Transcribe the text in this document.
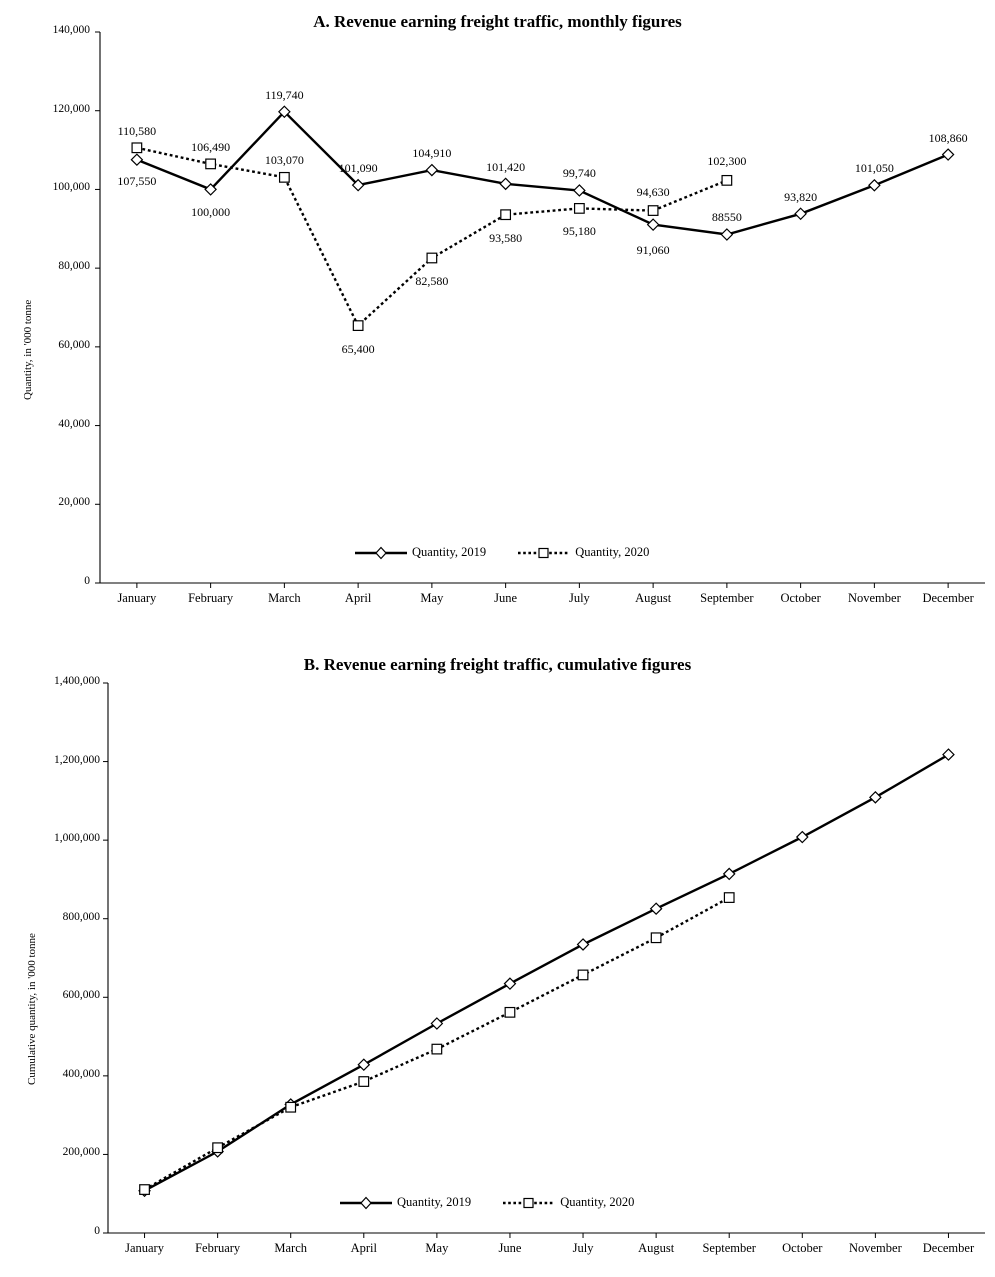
A. Revenue earning freight traffic, monthly figures
Quantity, in '000 tonne
0
20,000
40,000
60,000
80,000
100,000
120,000
140,000
January	February	March	April	May	June	July	August	September	October	November	December
107,550
100,000
119,740
101,090
104,910
101,420	99,740
91,060
88550
93,820
101,050
108,860
110,580
106,490
103,070
65,400
82,580
93,580	95,180
94,630
102,300
Quantity, 2019	Quantity, 2020
B. Revenue earning freight traffic, cumulative figures
Cumulative quantity, in '000 tonne
0
200,000
400,000
600,000
800,000
1,000,000
1,200,000
1,400,000
January	February	March	April	May	June	July	August	September	October	November	December
Quantity, 2019	Quantity, 2020
